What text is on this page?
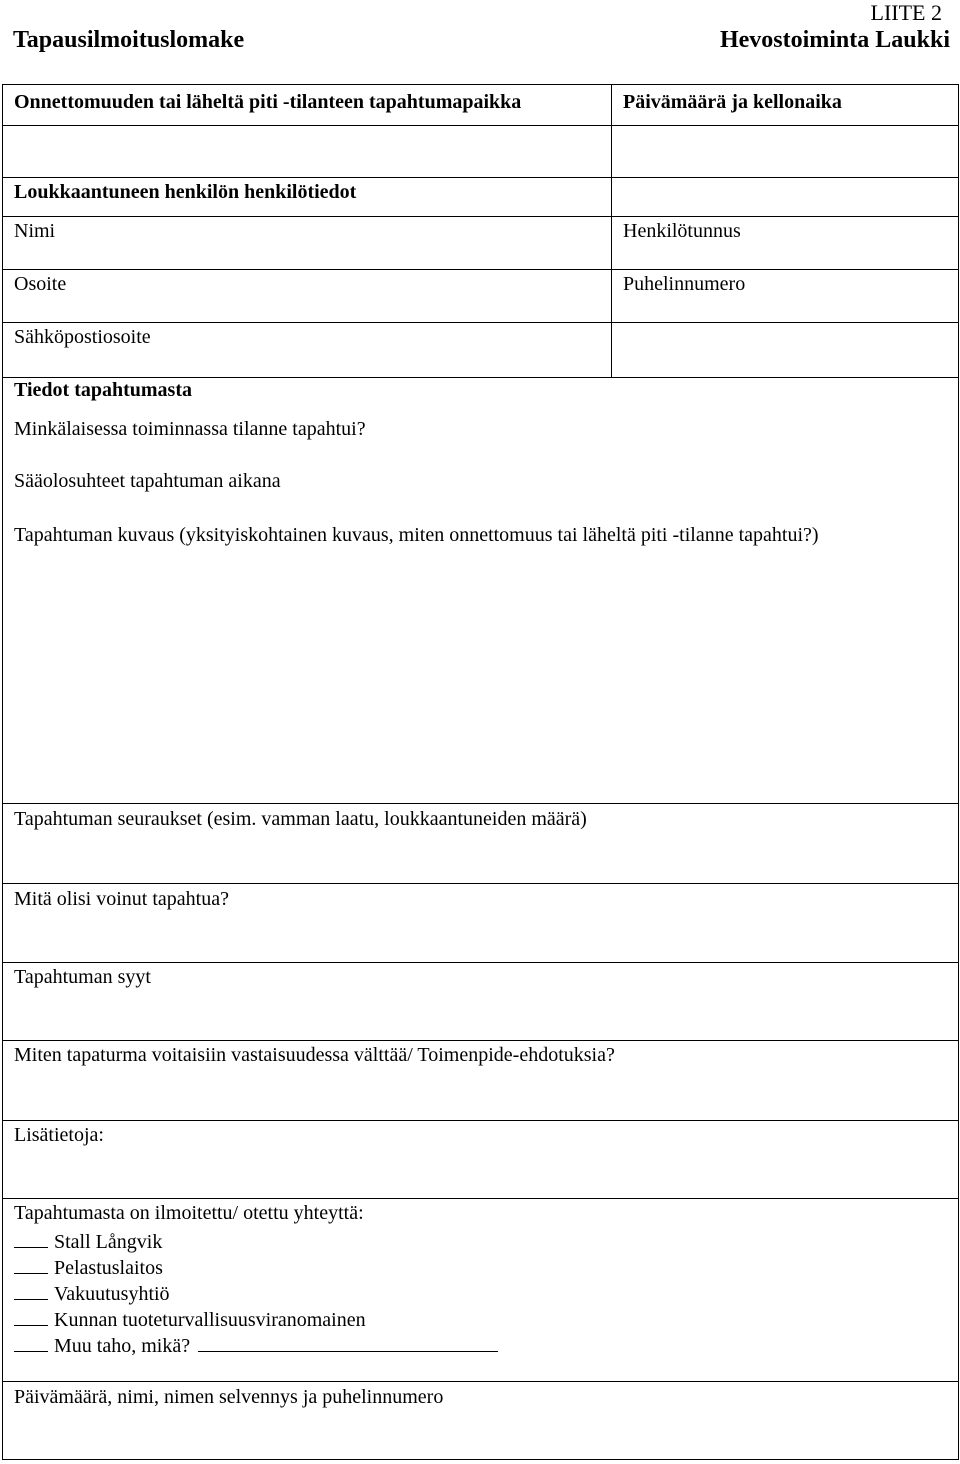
LIITE 2
Tapausilmoituslomake	Hevostoiminta Laukki
Onnettomuuden tai läheltä piti -tilanteen tapahtumapaikka	Päivämäärä ja kellonaika
Loukkaantuneen henkilön henkilötiedot
Nimi	Henkilötunnus
Osoite	Puhelinnumero
Sähköpostiosoite
Tiedot tapahtumasta
Minkälaisessa toiminnassa tilanne tapahtui?
Sääolosuhteet tapahtuman aikana
Tapahtuman kuvaus (yksityiskohtainen kuvaus, miten onnettomuus tai läheltä piti -tilanne tapahtui?)
Tapahtuman seuraukset (esim. vamman laatu, loukkaantuneiden määrä)
Mitä olisi voinut tapahtua?
Tapahtuman syyt
Miten tapaturma voitaisiin vastaisuudessa välttää/ Toimenpide-ehdotuksia?
Lisätietoja:
Tapahtumasta on ilmoitettu/ otettu yhteyttä:
Stall Långvik
Pelastuslaitos
Vakuutusyhtiö
Kunnan tuoteturvallisuusviranomainen
Muu taho, mikä?
Päivämäärä, nimi, nimen selvennys ja puhelinnumero
